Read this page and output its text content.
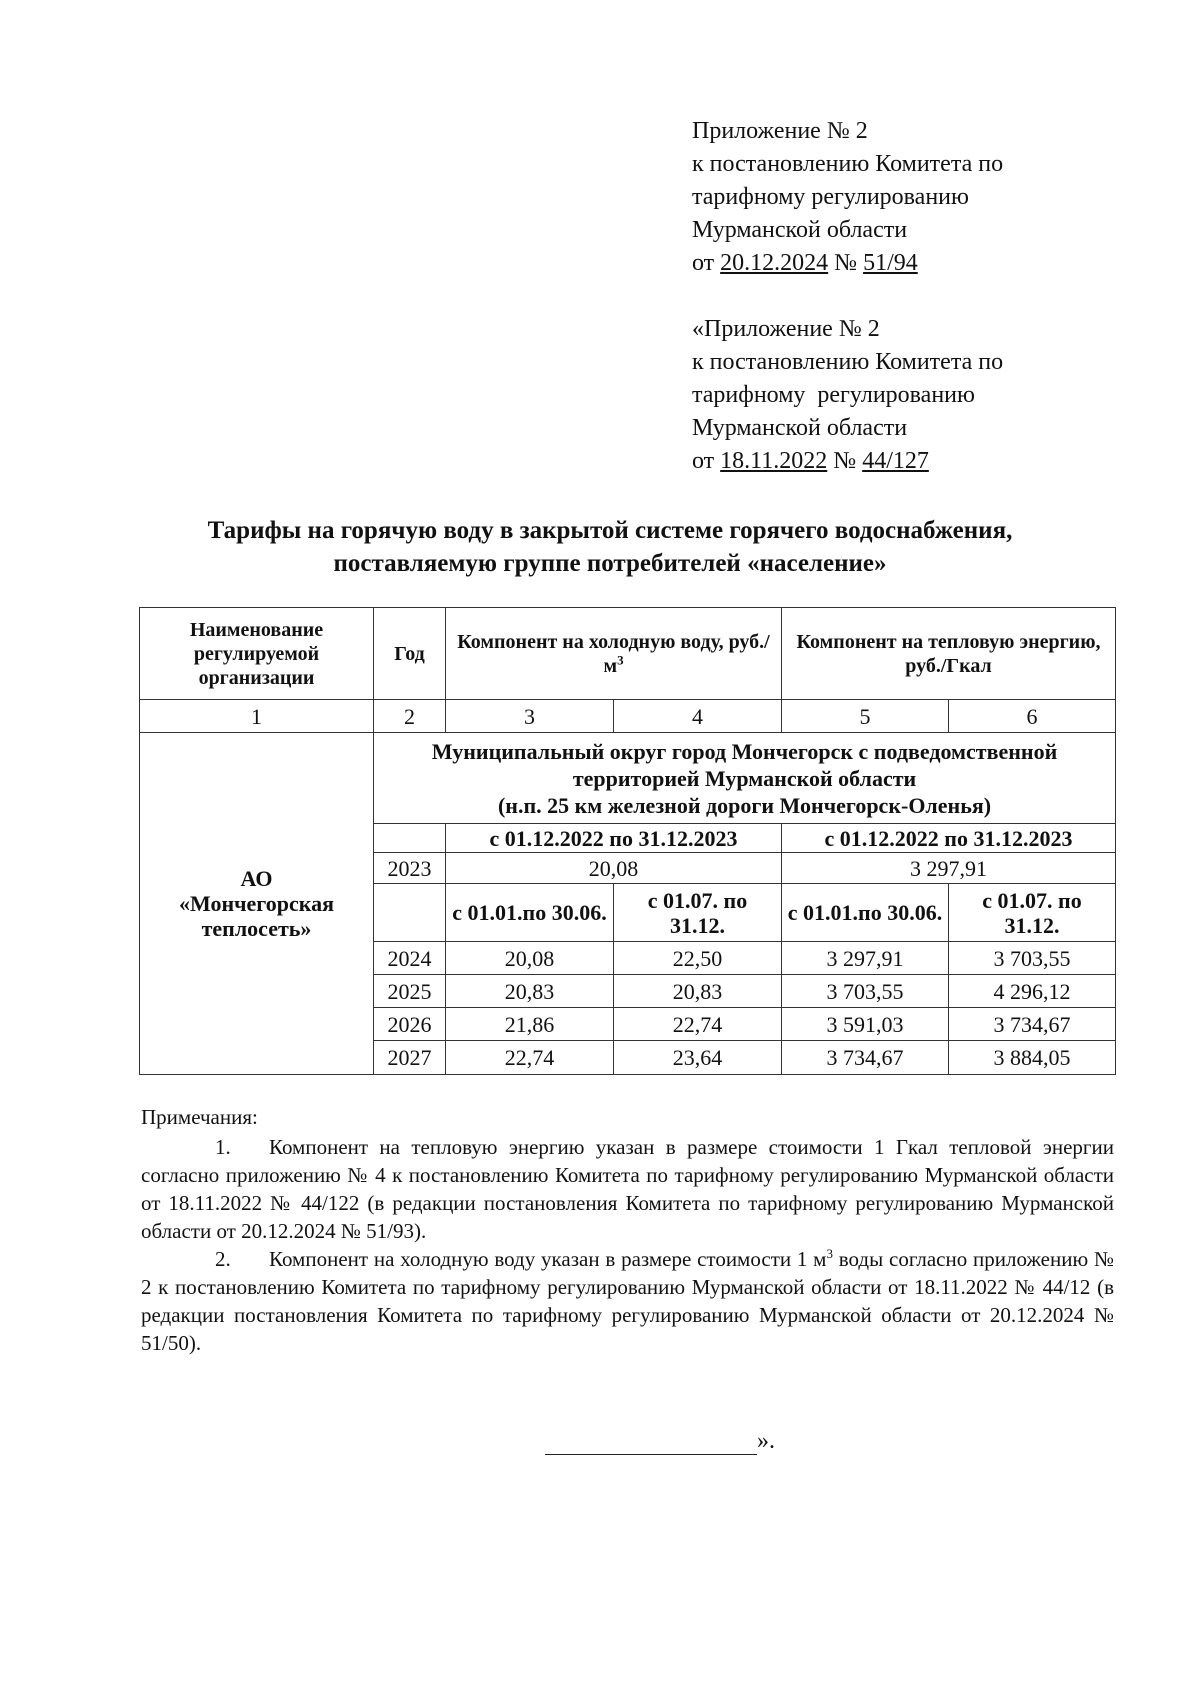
Приложение № 2
к постановлению Комитета по
тарифному регулированию
Мурманской области
от 20.12.2024 № 51/94
«Приложение № 2
к постановлению Комитета по
тарифному  регулированию
Мурманской области
от 18.11.2022 № 44/127
Тарифы на горячую воду в закрытой системе горячего водоснабжения,
поставляемую группе потребителей «население»
Наименование регулируемой организации	Год	Компонент на холодную воду, $руб./м^3$		Компонент на тепловую энергию, руб./Гкал	
1	2	3	4	5	6
АО «Мончегорская теплосеть»	Муниципальный округ город Мончегорск с подведомственной
территорией Мурманской области
(н.п. 25 км железной дороги Мончегорск-Оленья)				

		с 01.12.2022 по 31.12.2023		с 01.12.2022 по 31.12.2023	
	2023	20,08		3 297,91	
		с 01.01.по 30.06.	с 01.07. по 31.12.	с 01.01.по 30.06.	с 01.07. по 31.12.
	2024	20,08	22,50	3 297,91	3 703,55
	2025	20,83	20,83	3 703,55	4 296,12
	2026	21,86	22,74	3 591,03	3 734,67
	2027	22,74	23,64	3 734,67	3 884,05

Примечания:

1. Компонент на тепловую энергию указан в размере стоимости 1 Гкал тепловой энергии согласно приложению № 4 к постановлению Комитета по тарифному регулированию Мурманской области от 18.11.2022 № 44/122 (в редакции постановления Комитета по тарифному регулированию Мурманской области от 20.12.2024 № 51/93).

2. Компонент на холодную воду указан в размере стоимости 1 $м^3$ воды согласно приложению № 2 к постановлению Комитета по тарифному регулированию Мурманской области от 18.11.2022 № 44/12 (в редакции постановления Комитета по тарифному регулированию Мурманской области от 20.12.2024 № 51/50).

».
